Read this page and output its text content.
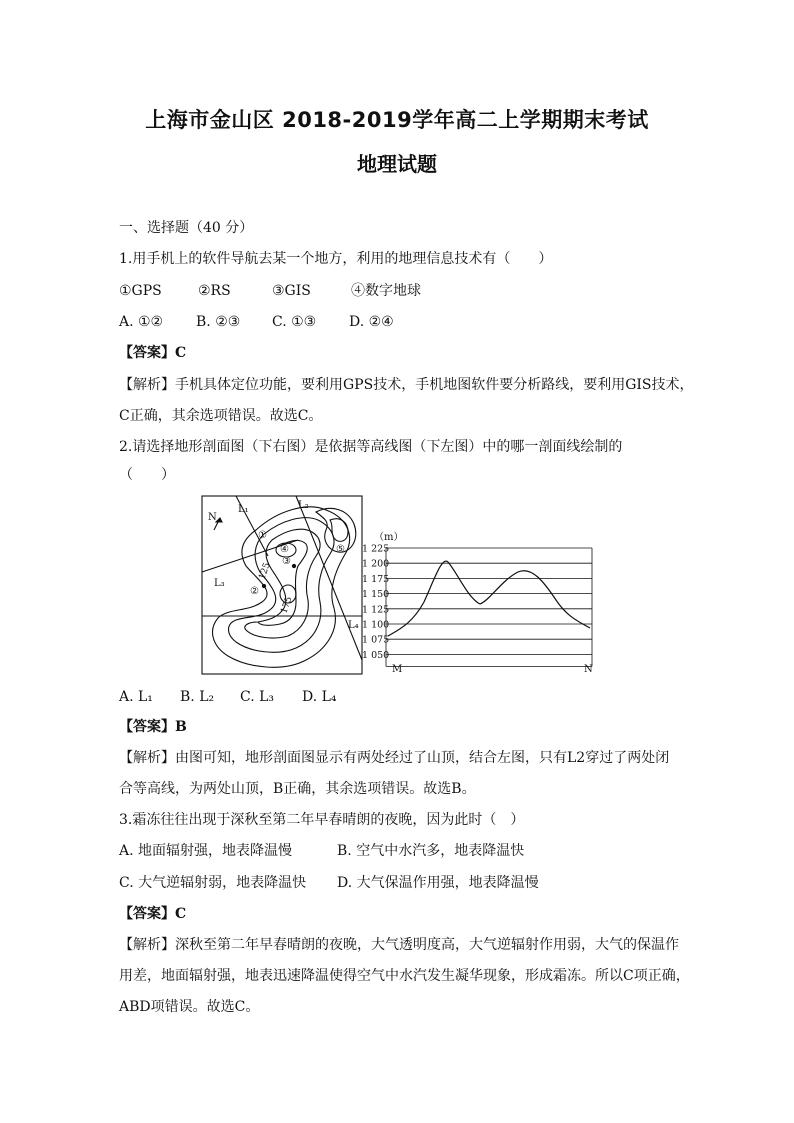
上海市金山区 2018-2019学年高二上学期期末考试
地理试题
一、选择题（40 分）
1.用手机上的软件导航去某一个地方，利用的地理信息技术有（　　）
①GPS	②RS	③GIS	④数字地球
A. ①② B. ②③ C. ①③ D. ②④
【答案】C
【解析】手机具体定位功能，要利用GPS技术，手机地图软件要分析路线，要利用GIS技术，
C正确，其余选项错误。故选C。
2.请选择地形剖面图（下右图）是依据等高线图（下左图）中的哪一剖面线绘制的
（　　）
N
L₁	L₂
L₃
L₄
①
②
③
④	⑤
125
175
（m）
1 225
1 200
1 175
1 150
1 125
1 100
1 075
1 050
M	N
A. L₁ B. L₂ C. L₃ D. L₄
【答案】B
【解析】由图可知，地形剖面图显示有两处经过了山顶，结合左图，只有L2穿过了两处闭
合等高线，为两处山顶，B正确，其余选项错误。故选B。
3.霜冻往往出现于深秋至第二年早春晴朗的夜晚，因为此时（　）
A. 地面辐射强，地表降温慢	B. 空气中水汽多，地表降温快
C. 大气逆辐射弱，地表降温快 D. 大气保温作用强，地表降温慢
【答案】C
【解析】深秋至第二年早春晴朗的夜晚，大气透明度高，大气逆辐射作用弱，大气的保温作
用差，地面辐射强，地表迅速降温使得空气中水汽发生凝华现象，形成霜冻。所以C项正确，
ABD项错误。故选C。
